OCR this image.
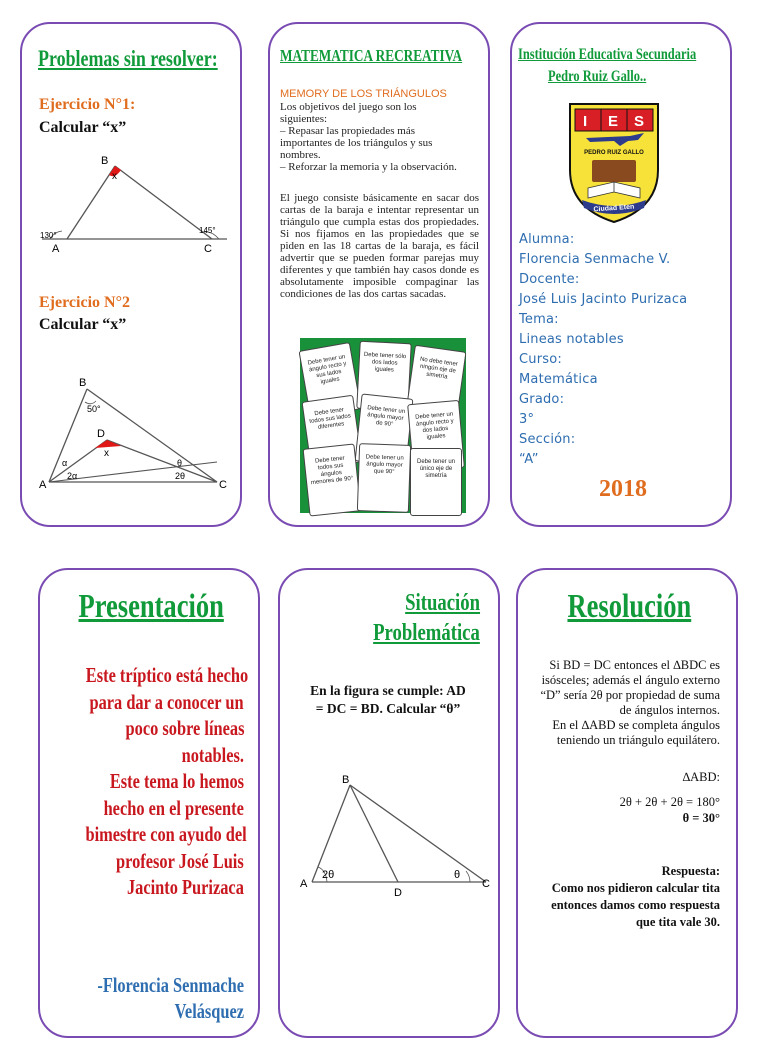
Problemas sin resolver:
Ejercicio N°1:
Calcular “x”
B
x
130°
145°
A	C
Ejercicio N°2
Calcular “x”
B
50°
D
x
α
2α
θ
2θ
A	C
MATEMATICA RECREATIVA
MEMORY DE LOS TRIÁNGULOS
Los objetivos del juego son los
siguientes:
– Repasar las propiedades más
importantes de los triángulos y sus
nombres.
– Reforzar la memoria y la observación.
El juego consiste básicamente en sacar dos cartas de la baraja e intentar representar un triángulo que cumpla estas dos propiedades. Si nos fijamos en las propiedades que se piden en las 18 cartas de la baraja, es fácil advertir que se pueden formar parejas muy diferentes y que también hay casos donde es absolutamente imposible compaginar las condiciones de las dos cartas sacadas.
Debe tener un ángulo recto y sus lados iguales
Debe tener sólo dos lados iguales
No debe tener ningún eje de simetría
Debe tener todos sus lados diferentes
Debe tener un ángulo mayor de 90°
Debe tener un ángulo recto y dos lados iguales
Debe tener todos sus ángulos menores de 90°
Debe tener un ángulo mayor que 90°
Debe tener un único eje de simetría
Institución Educativa Secundaria
Pedro Ruiz Gallo..
I E S
PEDRO RUIZ GALLO
Ciudad Eten
Alumna:
Florencia Senmache V.
Docente:
José Luis Jacinto Purizaca
Tema:
Lineas notables
Curso:
Matemática
Grado:
3°
Sección:
“A”
2018
Presentación
Este tríptico está hecho
para dar a conocer un
poco sobre líneas
notables.
Este tema lo hemos
hecho en el presente
bimestre con ayudo del
profesor José Luis
Jacinto Purizaca
-Florencia Senmache
Velásquez
Situación
Problemática
En la figura se cumple: AD
= DC = BD. Calcular “θ”
B
2θ	θ
A
D
C
Resolución
Si BD = DC entonces el ∆BDC es
isósceles; además el ángulo externo
“D” sería 2θ por propiedad de suma
de ángulos internos.
En el ∆ABD se completa ángulos
teniendo un triángulo equilátero.
∆ABD:
2θ + 2θ + 2θ = 180°
θ = 30°
Respuesta:
Como nos pidieron calcular tita
entonces damos como respuesta
que tita vale 30.
